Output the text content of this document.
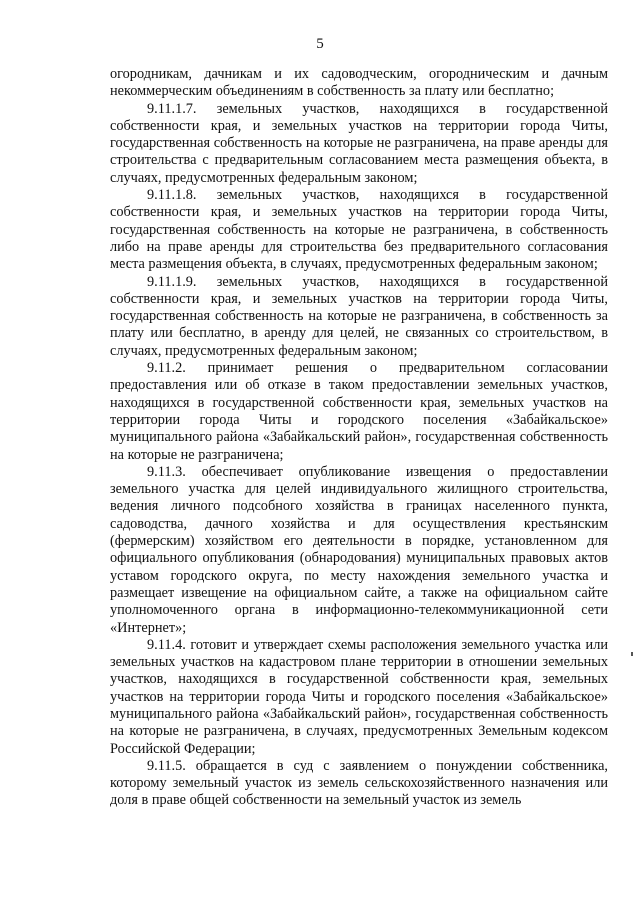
5

огородникам, дачникам и их садоводческим, огородническим и дачным некоммерческим объединениям в собственность за плату или бесплатно;

9.11.1.7. земельных участков, находящихся в государственной собственности края, и земельных участков на территории города Читы, государственная собственность на которые не разграничена, на праве аренды для строительства с предварительным согласованием места размещения объекта, в случаях, предусмотренных федеральным законом;

9.11.1.8. земельных участков, находящихся в государственной собственности края, и земельных участков на территории города Читы, государственная собственность на которые не разграничена, в собственность либо на праве аренды для строительства без предварительного согласования места размещения объекта, в случаях, предусмотренных федеральным законом;

9.11.1.9. земельных участков, находящихся в государственной собственности края, и земельных участков на территории города Читы, государственная собственность на которые не разграничена, в собственность за плату или бесплатно, в аренду для целей, не связанных со строительством, в случаях, предусмотренных федеральным законом;

9.11.2. принимает решения о предварительном согласовании предоставления или об отказе в таком предоставлении земельных участков, находящихся в государственной собственности края, земельных участков на территории города Читы и городского поселения «Забайкальское» муниципального района «Забайкальский район», государственная собственность на которые не разграничена;

9.11.3. обеспечивает опубликование извещения о предоставлении земельного участка для целей индивидуального жилищного строительства, ведения личного подсобного хозяйства в границах населенного пункта, садоводства, дачного хозяйства и для осуществления крестьянским (фермерским) хозяйством его деятельности в порядке, установленном для официального опубликования (обнародования) муниципальных правовых актов уставом городского округа, по месту нахождения земельного участка и размещает извещение на официальном сайте, а также на официальном сайте уполномоченного органа в информационно-телекоммуникационной сети «Интернет»;

9.11.4. готовит и утверждает схемы расположения земельного участка или земельных участков на кадастровом плане территории в отношении земельных участков, находящихся в государственной собственности края, земельных участков на территории города Читы и городского поселения «Забайкальское» муниципального района «Забайкальский район», государственная собственность на которые не разграничена, в случаях, предусмотренных Земельным кодексом Российской Федерации;

9.11.5. обращается в суд с заявлением о понуждении собственника, которому земельный участок из земель сельскохозяйственного назначения или доля в праве общей собственности на земельный участок из земель
